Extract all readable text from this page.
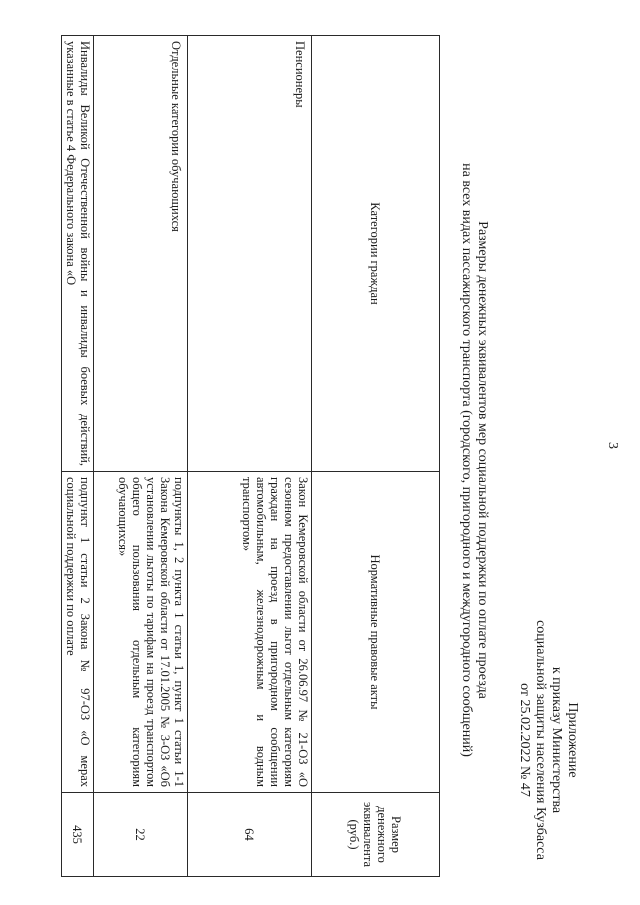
3
Приложение
к приказу Министерства
социальной защиты населения Кузбасса
от 25.02.2022 № 47
Размеры денежных эквивалентов мер социальной поддержки по оплате проезда
на всех видах пассажирского транспорта (городского, пригородного и междугородного сообщений)
Категории граждан	Нормативные правовые акты	Размер денежного эквивалента (руб.)
Пенсионеры	Закон Кемеровской области от 26.06.97 № 21-ОЗ «О сезонном предоставлении льгот отдельным категориям граждан на проезд в пригородном сообщении автомобильным, железнодорожным и водным транспортом»	64
Отдельные категории обучающихся	подпункты 1, 2 пункта 1 статьи 1, пункт 1 статьи 1-1 Закона Кемеровской области от 17.01.2005 № 3-ОЗ «Об установлении льготы по тарифам на проезд транспортом общего пользования отдельным категориям обучающихся»	22
Инвалиды Великой Отечественной войны и инвалиды боевых действий, указанные в статье 4 Федерального закона «О	подпункт 1 статьи 2 Закона № 97-ОЗ «О мерах социальной поддержки по оплате	435
